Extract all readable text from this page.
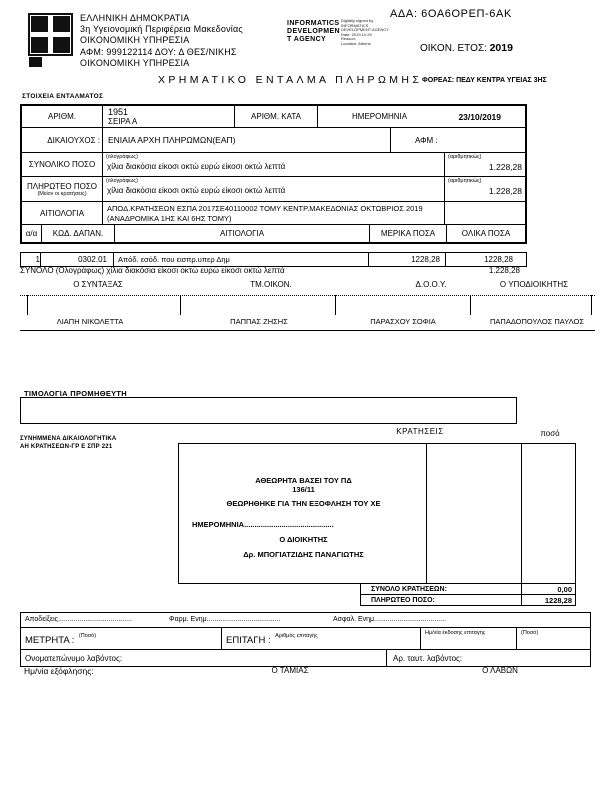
ΕΛΛΗΝΙΚΗ ΔΗΜΟΚΡΑΤΙΑ
3η Υγειονομική Περιφέρεια Μακεδονίας
ΟΙΚΟΝΟΜΙΚΗ ΥΠΗΡΕΣΙΑ
ΑΦΜ: 999122114 ΔΟΥ: Δ ΘΕΣ/ΝΙΚΗΣ
ΟΙΚΟΝΟΜΙΚΗ ΥΠΗΡΕΣΙΑ
INFORMATICS
DEVELOPMEN
T AGENCY
Digitally signed by
INFORMATICS
DEVELOPMENT AGENCY
Date: 2019.10.29
Reason:
Location: Athens
ΑΔΑ: 6ΟΑ6ΟΡΕΠ-6ΑΚ
ΟΙΚΟΝ. ΕΤΟΣ: 2019
ΧΡΗΜΑΤΙΚΟ ΕΝΤΑΛΜΑ ΠΛΗΡΩΜΗΣ ΦΟΡΕΑΣ: ΠΕΔΥ ΚΕΝΤΡΑ ΥΓΕΙΑΣ 3ΗΣ
ΣΤΟΙΧΕΙΑ ΕΝΤΑΛΜΑΤΟΣ
ΑΡΙΘΜ.	1951
ΣΕΙΡΑ Α
ΑΡΙΘΜ. ΚΑΤΑ	ΗΜΕΡΟΜΗΝΙΑ	23/10/2019
ΔΙΚΑΙΟΥΧΟΣ : ΕΝΙΑΙΑ ΑΡΧΗ ΠΛΗΡΩΜΩΝ(ΕΑΠ)	ΑΦΜ :
ΣΥΝΟΛΙΚΟ ΠΟΣΟ
(ολογράφως)
χίλια διακόσια είκοσι οκτώ ευρώ είκοσι οκτώ λεπτά
(αριθμητικώς)
1.228,28
ΠΛΗΡΩΤΕΟ ΠΟΣΟ
(Μείον οι κρατήσεις)
(ολογράφως)
χίλια διακόσια είκοσι οκτώ ευρώ είκοσι οκτώ λεπτά
(αριθμητικώς)
1.228,28
ΑΙΤΙΟΛΟΓΙΑ	ΑΠΟΔ.ΚΡΑΤΗΣΕΩΝ ΕΣΠΑ 2017ΣΕ40110002 ΤΟΜΥ ΚΕΝΤΡ.ΜΑΚΕΔΟΝΙΑΣ ΟΚΤΩΒΡΙΟΣ 2019
(ΑΝΑΔΡΟΜΙΚΑ 1ΗΣ ΚΑΙ 6ΗΣ ΤΟΜΥ)
α/α	ΚΩΔ. ΔΑΠΑΝ.	ΑΙΤΙΟΛΟΓΙΑ	ΜΕΡΙΚΑ ΠΟΣΑ	ΟΛΙΚΑ ΠΟΣΑ
1	0302.01	Απόδ. εσόδ. που εισπρ.υπερ Δημ	1228,28	1228,28
ΣΥΝΟΛΟ (Ολογράφως) χίλια διακόσια είκοσι οκτώ ευρώ είκοσι οκτώ λεπτά	1.228,28
Ο ΣΥΝΤΑΞΑΣ	ΤΜ.ΟΙΚΟΝ.	Δ.Ο.Ο.Υ.	Ο ΥΠΟΔΙΟΙΚΗΤΗΣ
ΛΙΑΠΗ ΝΙΚΟΛΕΤΤΑ	ΠΑΠΠΑΣ ΖΗΣΗΣ	ΠΑΡΑΣΧΟΥ ΣΟΦΙΑ	ΠΑΠΑΔΟΠΟΥΛΟΣ ΠΑΥΛΟΣ
ΤΙΜΟΛΟΓΙΑ ΠΡΟΜΗΘΕΥΤΗ
ΚΡΑΤΗΣΕΙΣ	ποσό
ΣΥΝΗΜΜΕΝΑ ΔΙΚΑΙΟΛΟΓΗΤΙΚΑ
ΑΗ ΚΡΑΤΗΣΕΩΝ-ΓΡ Ε ΣΠΡ 221
ΑΘΕΩΡΗΤΑ ΒΑΣΕΙ ΤΟΥ ΠΔ
136/11
ΘΕΩΡΗΘΗΚΕ ΓΙΑ ΤΗΝ ΕΞΟΦΛΗΣΗ ΤΟΥ ΧΕ
ΗΜΕΡΟΜΗΝΙΑ...........................................
Ο ΔΙΟΙΚΗΤΗΣ
Δρ. ΜΠΟΓΙΑΤΖΙΔΗΣ ΠΑΝΑΓΙΩΤΗΣ
ΣΥΝΟΛΟ ΚΡΑΤΗΣΕΩΝ:	0,00
ΠΛΗΡΩΤΕΟ ΠΟΣΟ:	1228,28
Αποδείξεις......................................	Φαρμ. Ενημ......................................	Ασφαλ. Ενημ.....................................
ΜΕΤΡΗΤΑ : $^{(\Pi o\sigma ό)}$	ΕΠΙΤΑΓΗ : $^{A\rho\iota\theta\mu ό\varsigma \varepsilon\pi\iota\tau\alpha\gamma ή\varsigma}$	Ημ/νία έκδοσης επιταγής	(Ποσό)
Ονοματεπώνυμο λαβόντος:	Αρ. ταυτ. λαβόντος:
Ημ/νία εξόφλησης:	Ο ΤΑΜΙΑΣ	Ο ΛΑΒΩΝ
